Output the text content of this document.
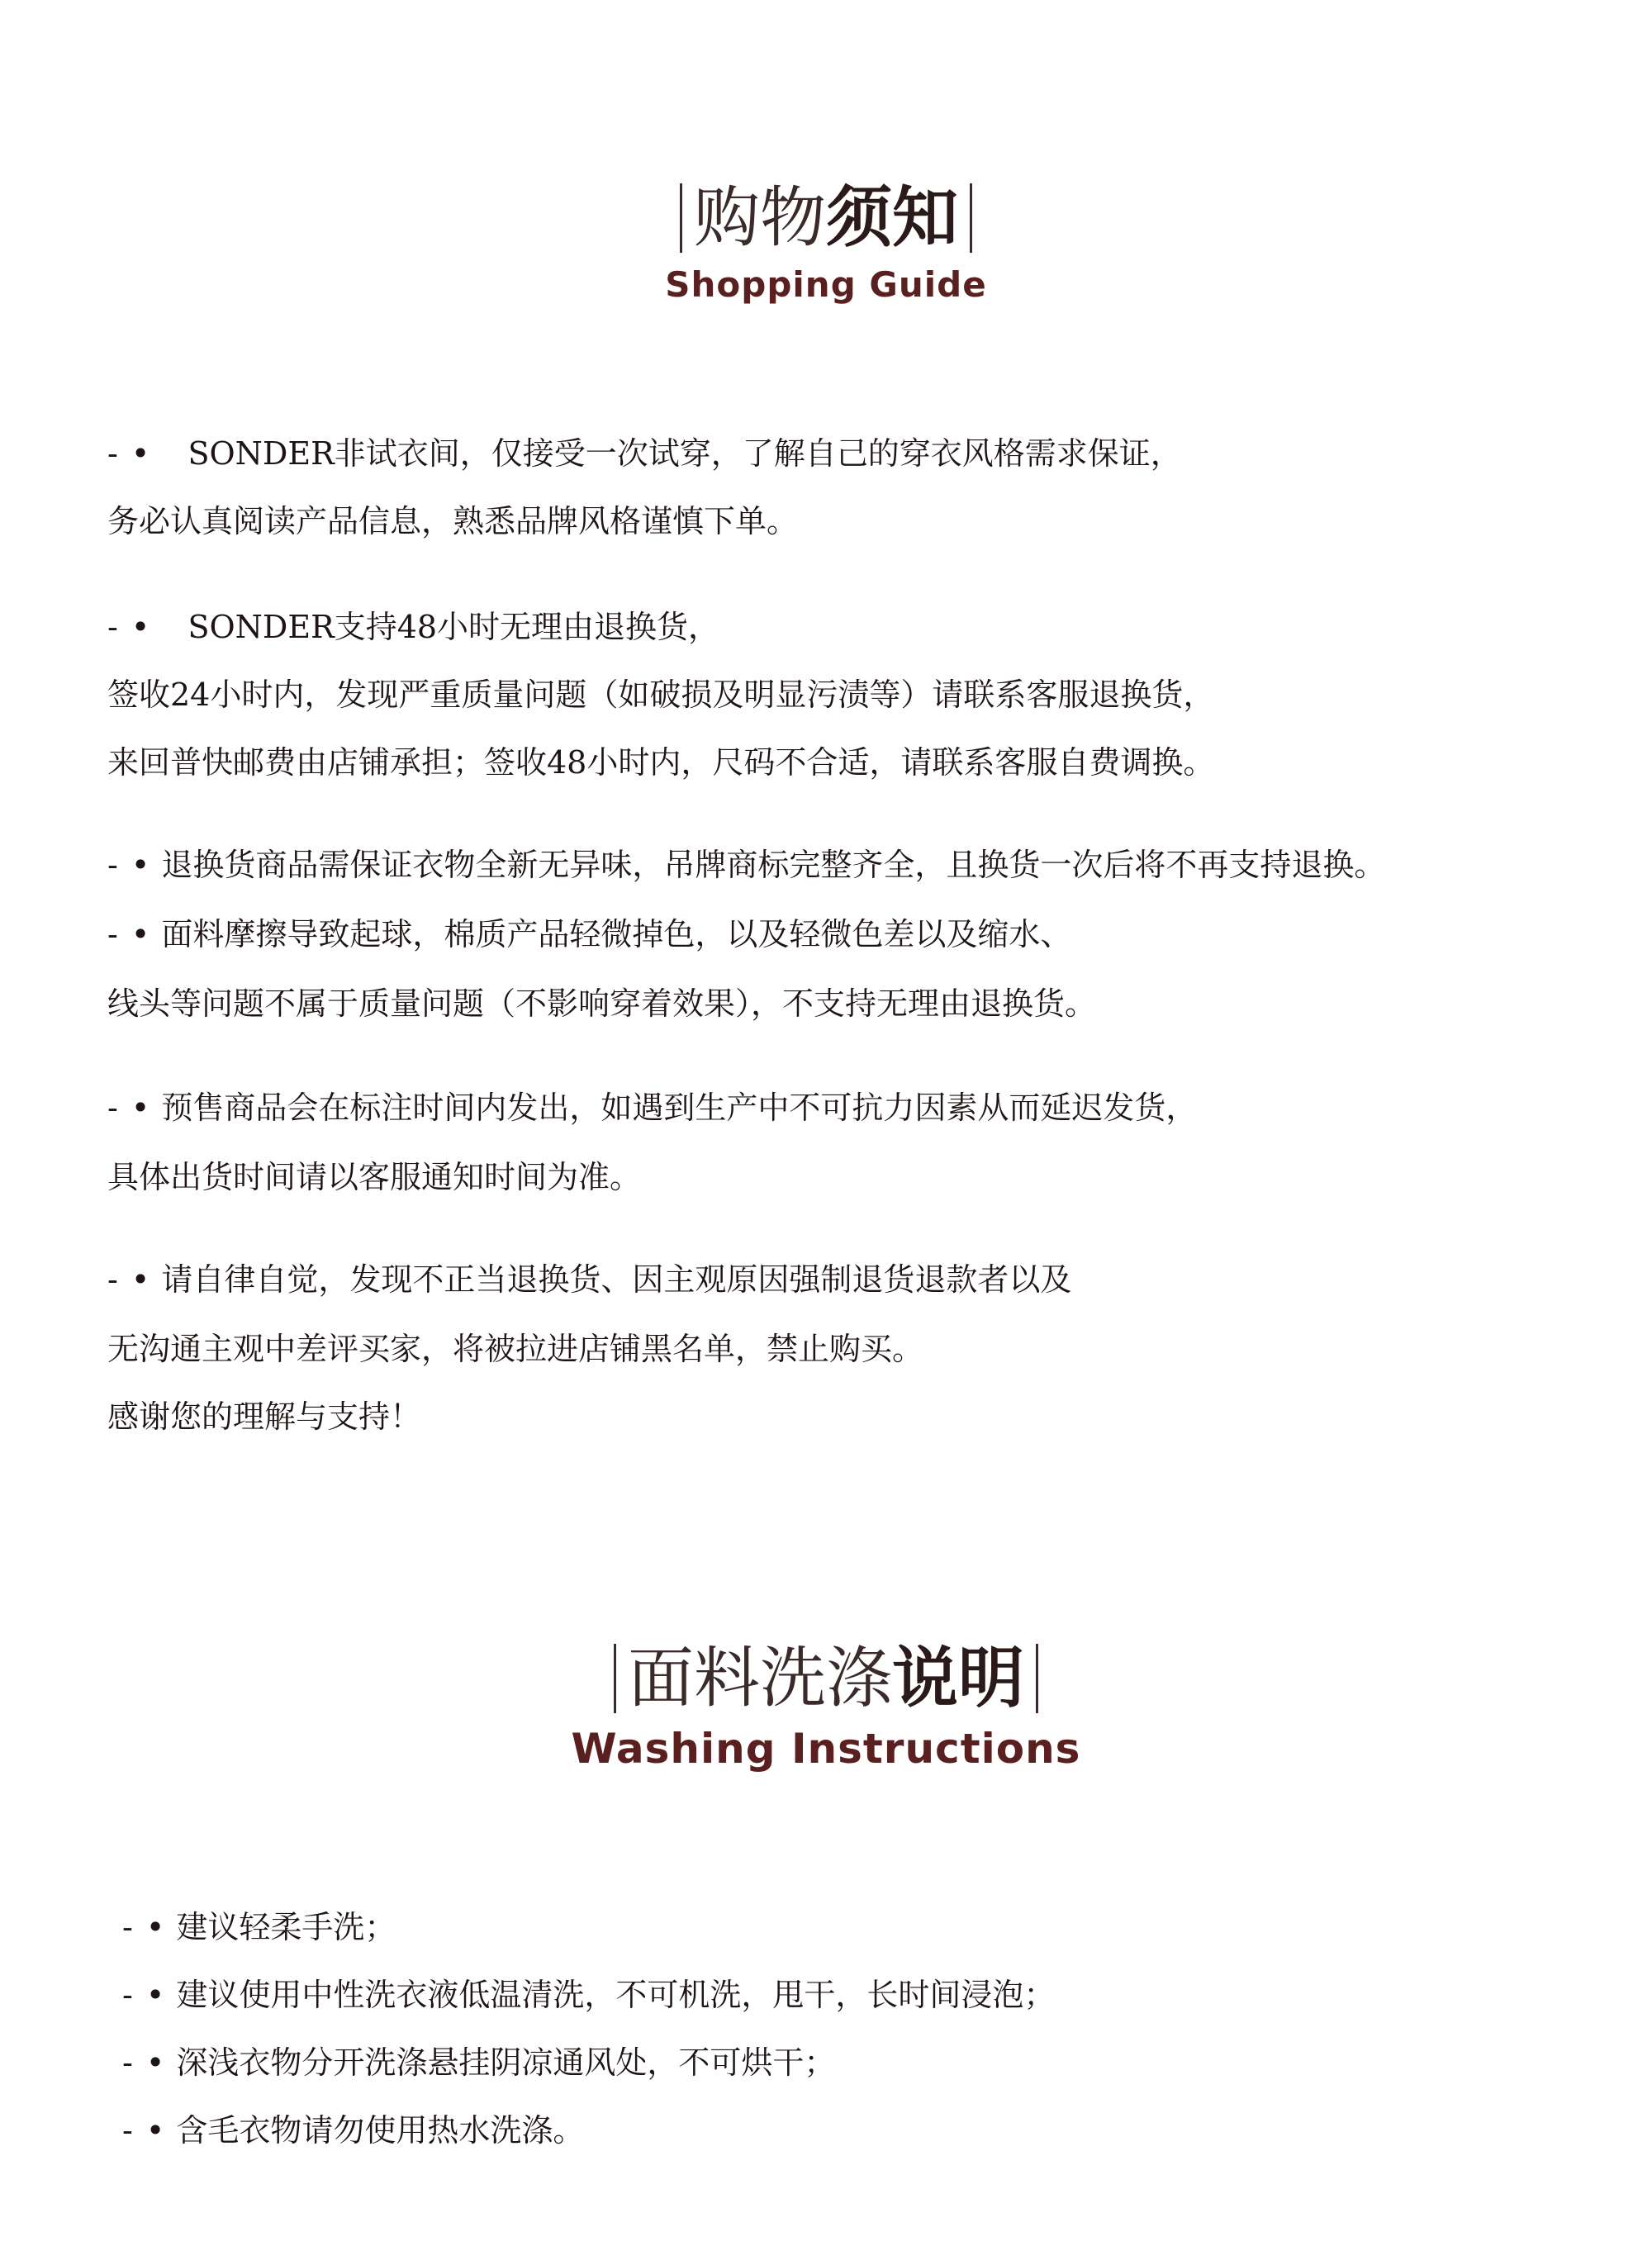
购物 须知
Shopping Guide
- • SONDER非试衣间，仅接受一次试穿，了解自己的穿衣风格需求保证，
务必认真阅读产品信息，熟悉品牌风格谨慎下单。
- • SONDER支持48小时无理由退换货，
签收24小时内，发现严重质量问题（如破损及明显污渍等）请联系客服退换货，
来回普快邮费由店铺承担；签收48小时内，尺码不合适，请联系客服自费调换。
- • 退换货商品需保证衣物全新无异味，吊牌商标完整齐全，且换货一次后将不再支持退换。
- • 面料摩擦导致起球，棉质产品轻微掉色，以及轻微色差以及缩水、
线头等问题不属于质量问题（不影响穿着效果），不支持无理由退换货。
- • 预售商品会在标注时间内发出，如遇到生产中不可抗力因素从而延迟发货，
具体出货时间请以客服通知时间为准。
- • 请自律自觉，发现不正当退换货、因主观原因强制退货退款者以及
无沟通主观中差评买家，将被拉进店铺黑名单，禁止购买。
感谢您的理解与支持！
面料洗涤 说明
Washing Instructions
- • 建议轻柔手洗；
- • 建议使用中性洗衣液低温清洗，不可机洗，甩干，长时间浸泡；
- • 深浅衣物分开洗涤悬挂阴凉通风处，不可烘干；
- • 含毛衣物请勿使用热水洗涤。
